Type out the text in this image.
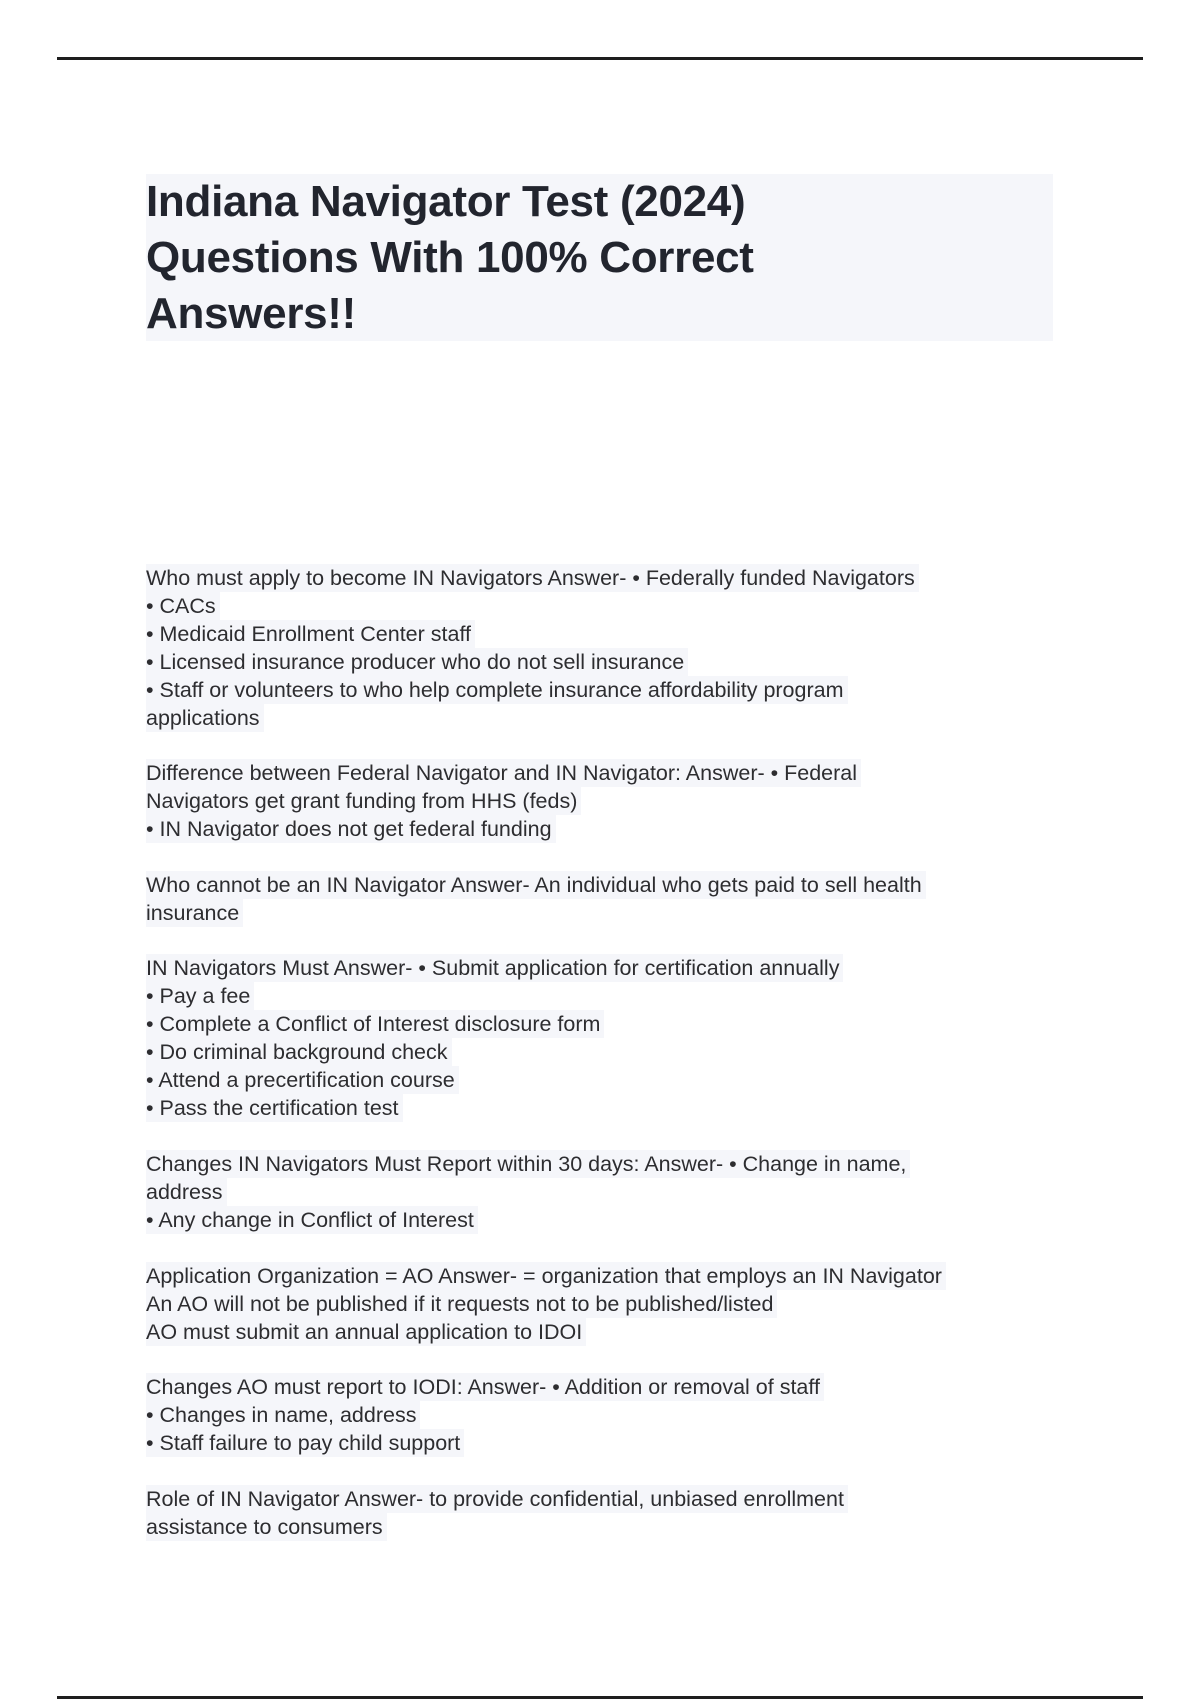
Indiana Navigator Test (2024)
Questions With 100% Correct
Answers!!
Who must apply to become IN Navigators Answer- • Federally funded Navigators
• CACs
• Medicaid Enrollment Center staff
• Licensed insurance producer who do not sell insurance
• Staff or volunteers to who help complete insurance affordability program
applications
Difference between Federal Navigator and IN Navigator: Answer- • Federal
Navigators get grant funding from HHS (feds)
• IN Navigator does not get federal funding
Who cannot be an IN Navigator Answer- An individual who gets paid to sell health
insurance
IN Navigators Must Answer- • Submit application for certification annually
• Pay a fee
• Complete a Conflict of Interest disclosure form
• Do criminal background check
• Attend a precertification course
• Pass the certification test
Changes IN Navigators Must Report within 30 days: Answer- • Change in name,
address
• Any change in Conflict of Interest
Application Organization = AO Answer- = organization that employs an IN Navigator
An AO will not be published if it requests not to be published/listed
AO must submit an annual application to IDOI
Changes AO must report to IODI: Answer- • Addition or removal of staff
• Changes in name, address
• Staff failure to pay child support
Role of IN Navigator Answer- to provide confidential, unbiased enrollment
assistance to consumers
